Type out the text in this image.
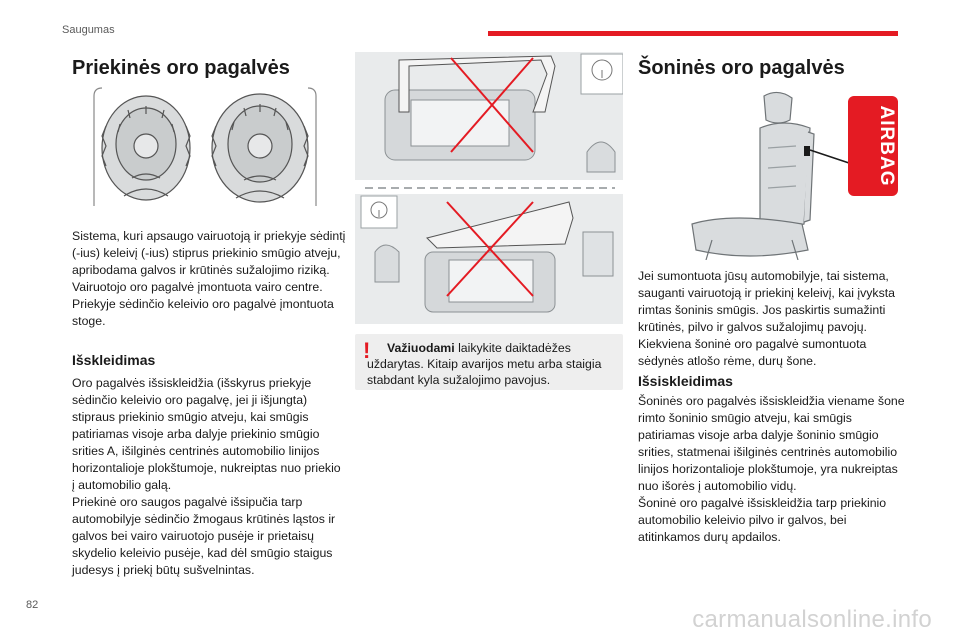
Saugumas
Priekinės oro pagalvės

Sistema, kuri apsaugo vairuotoją ir priekyje sėdintį (-ius) keleivį (-ius) stiprus priekinio smūgio atveju, apribodama galvos ir krūtinės sužalojimo riziką.

Vairuotojo oro pagalvė įmontuota vairo centre. Priekyje sėdinčio keleivio oro pagalvė įmontuota stoge.

Išskleidimas

Oro pagalvės išsiskleidžia (išskyrus priekyje sėdinčio keleivio oro pagalvę, jei ji išjungta) stipraus priekinio smūgio atveju, kai smūgis patiriamas visoje arba dalyje priekinio smūgio srities A, išilginės centrinės automobilio linijos horizontalioje plokštumoje, nukreiptas nuo priekio į automobilio galą.

Priekinė oro saugos pagalvė išsipučia tarp automobilyje sėdinčio žmogaus krūtinės ląstos ir galvos bei vairo vairuotojo pusėje ir prietaisų skydelio keleivio pusėje, kad dėl smūgio staigus judesys į priekį būtų sušvelnintas.

!	Važiuodami laikykite daiktadėžes uždarytas. Kitaip avarijos metu arba staigia stabdant kyla sužalojimo pavojus.
Šoninės oro pagalvės
AIRBAG

Jei sumontuota jūsų automobilyje, tai sistema, sauganti vairuotoją ir priekinį keleivį, kai įvyksta rimtas šoninis smūgis. Jos paskirtis sumažinti krūtinės, pilvo ir galvos sužalojimų pavojų. Kiekviena šoninė oro pagalvė sumontuota sėdynės atlošo rėme, durų šone.

Išsiskleidimas

Šoninės oro pagalvės išsiskleidžia viename šone rimto šoninio smūgio atveju, kai smūgis patiriamas visoje arba dalyje šoninio smūgio srities, statmenai išilginės centrinės automobilio linijos horizontalioje plokštumoje, yra nukreiptas nuo išorės į automobilio vidų.

Šoninė oro pagalvė išsiskleidžia tarp priekinio automobilio keleivio pilvo ir galvos, bei atitinkamos durų apdailos.

82
carmanualsonline.info
